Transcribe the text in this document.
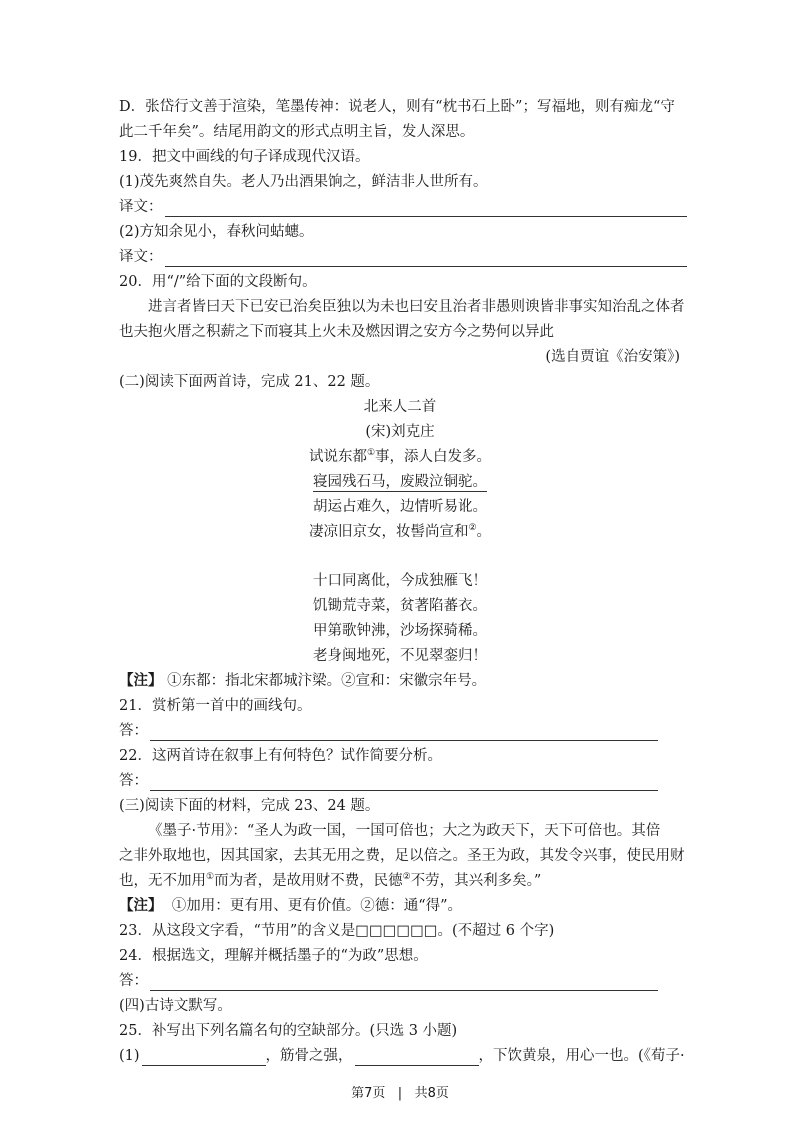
D．张岱行文善于渲染，笔墨传神：说老人，则有“枕书石上卧”；写福地，则有痴龙“守
此二千年矣”。结尾用韵文的形式点明主旨，发人深思。
19．把文中画线的句子译成现代汉语。
(1)茂先爽然自失。老人乃出酒果饷之，鲜洁非人世所有。
译文：
(2)方知余见小，春秋问蛄蟪。
译文：
20．用“/”给下面的文段断句。
进言者皆曰天下已安已治矣臣独以为未也曰安且治者非愚则谀皆非事实知治乱之体者
也夫抱火厝之积薪之下而寝其上火未及燃因谓之安方今之势何以异此
(选自贾谊《治安策》)
(二)阅读下面两首诗，完成 21、22 题。
北来人二首
(宋)刘克庄
试说东都①事，添人白发多。
寝园残石马，废殿泣铜驼。
胡运占难久，边情听易讹。
凄凉旧京女，妆髻尚宣和②。
十口同离仳，今成独雁飞！
饥锄荒寺菜，贫著陷蕃衣。
甲第歌钟沸，沙场探骑稀。
老身闽地死，不见翠銮归！
【注】 ①东都：指北宋都城汴梁。②宣和：宋徽宗年号。
21．赏析第一首中的画线句。
答：
22．这两首诗在叙事上有何特色？试作简要分析。
答：
(三)阅读下面的材料，完成 23、24 题。
《墨子·节用》：“圣人为政一国，一国可倍也；大之为政天下，天下可倍也。其倍
之非外取地也，因其国家，去其无用之费，足以倍之。圣王为政，其发令兴事，使民用财
也，无不加用①而为者，是故用财不费，民德②不劳，其兴利多矣。”
【注】 ①加用：更有用、更有价值。②德：通“得”。
23．从这段文字看，“节用”的含义是□□□□□□。(不超过 6 个字)
24．根据选文，理解并概括墨子的“为政”思想。
答：
(四)古诗文默写。
25．补写出下列名篇名句的空缺部分。(只选 3 小题)
(1)	，筋骨之强，	，下饮黄泉，用心一也。(《荀子·
第7页 | 共8页
